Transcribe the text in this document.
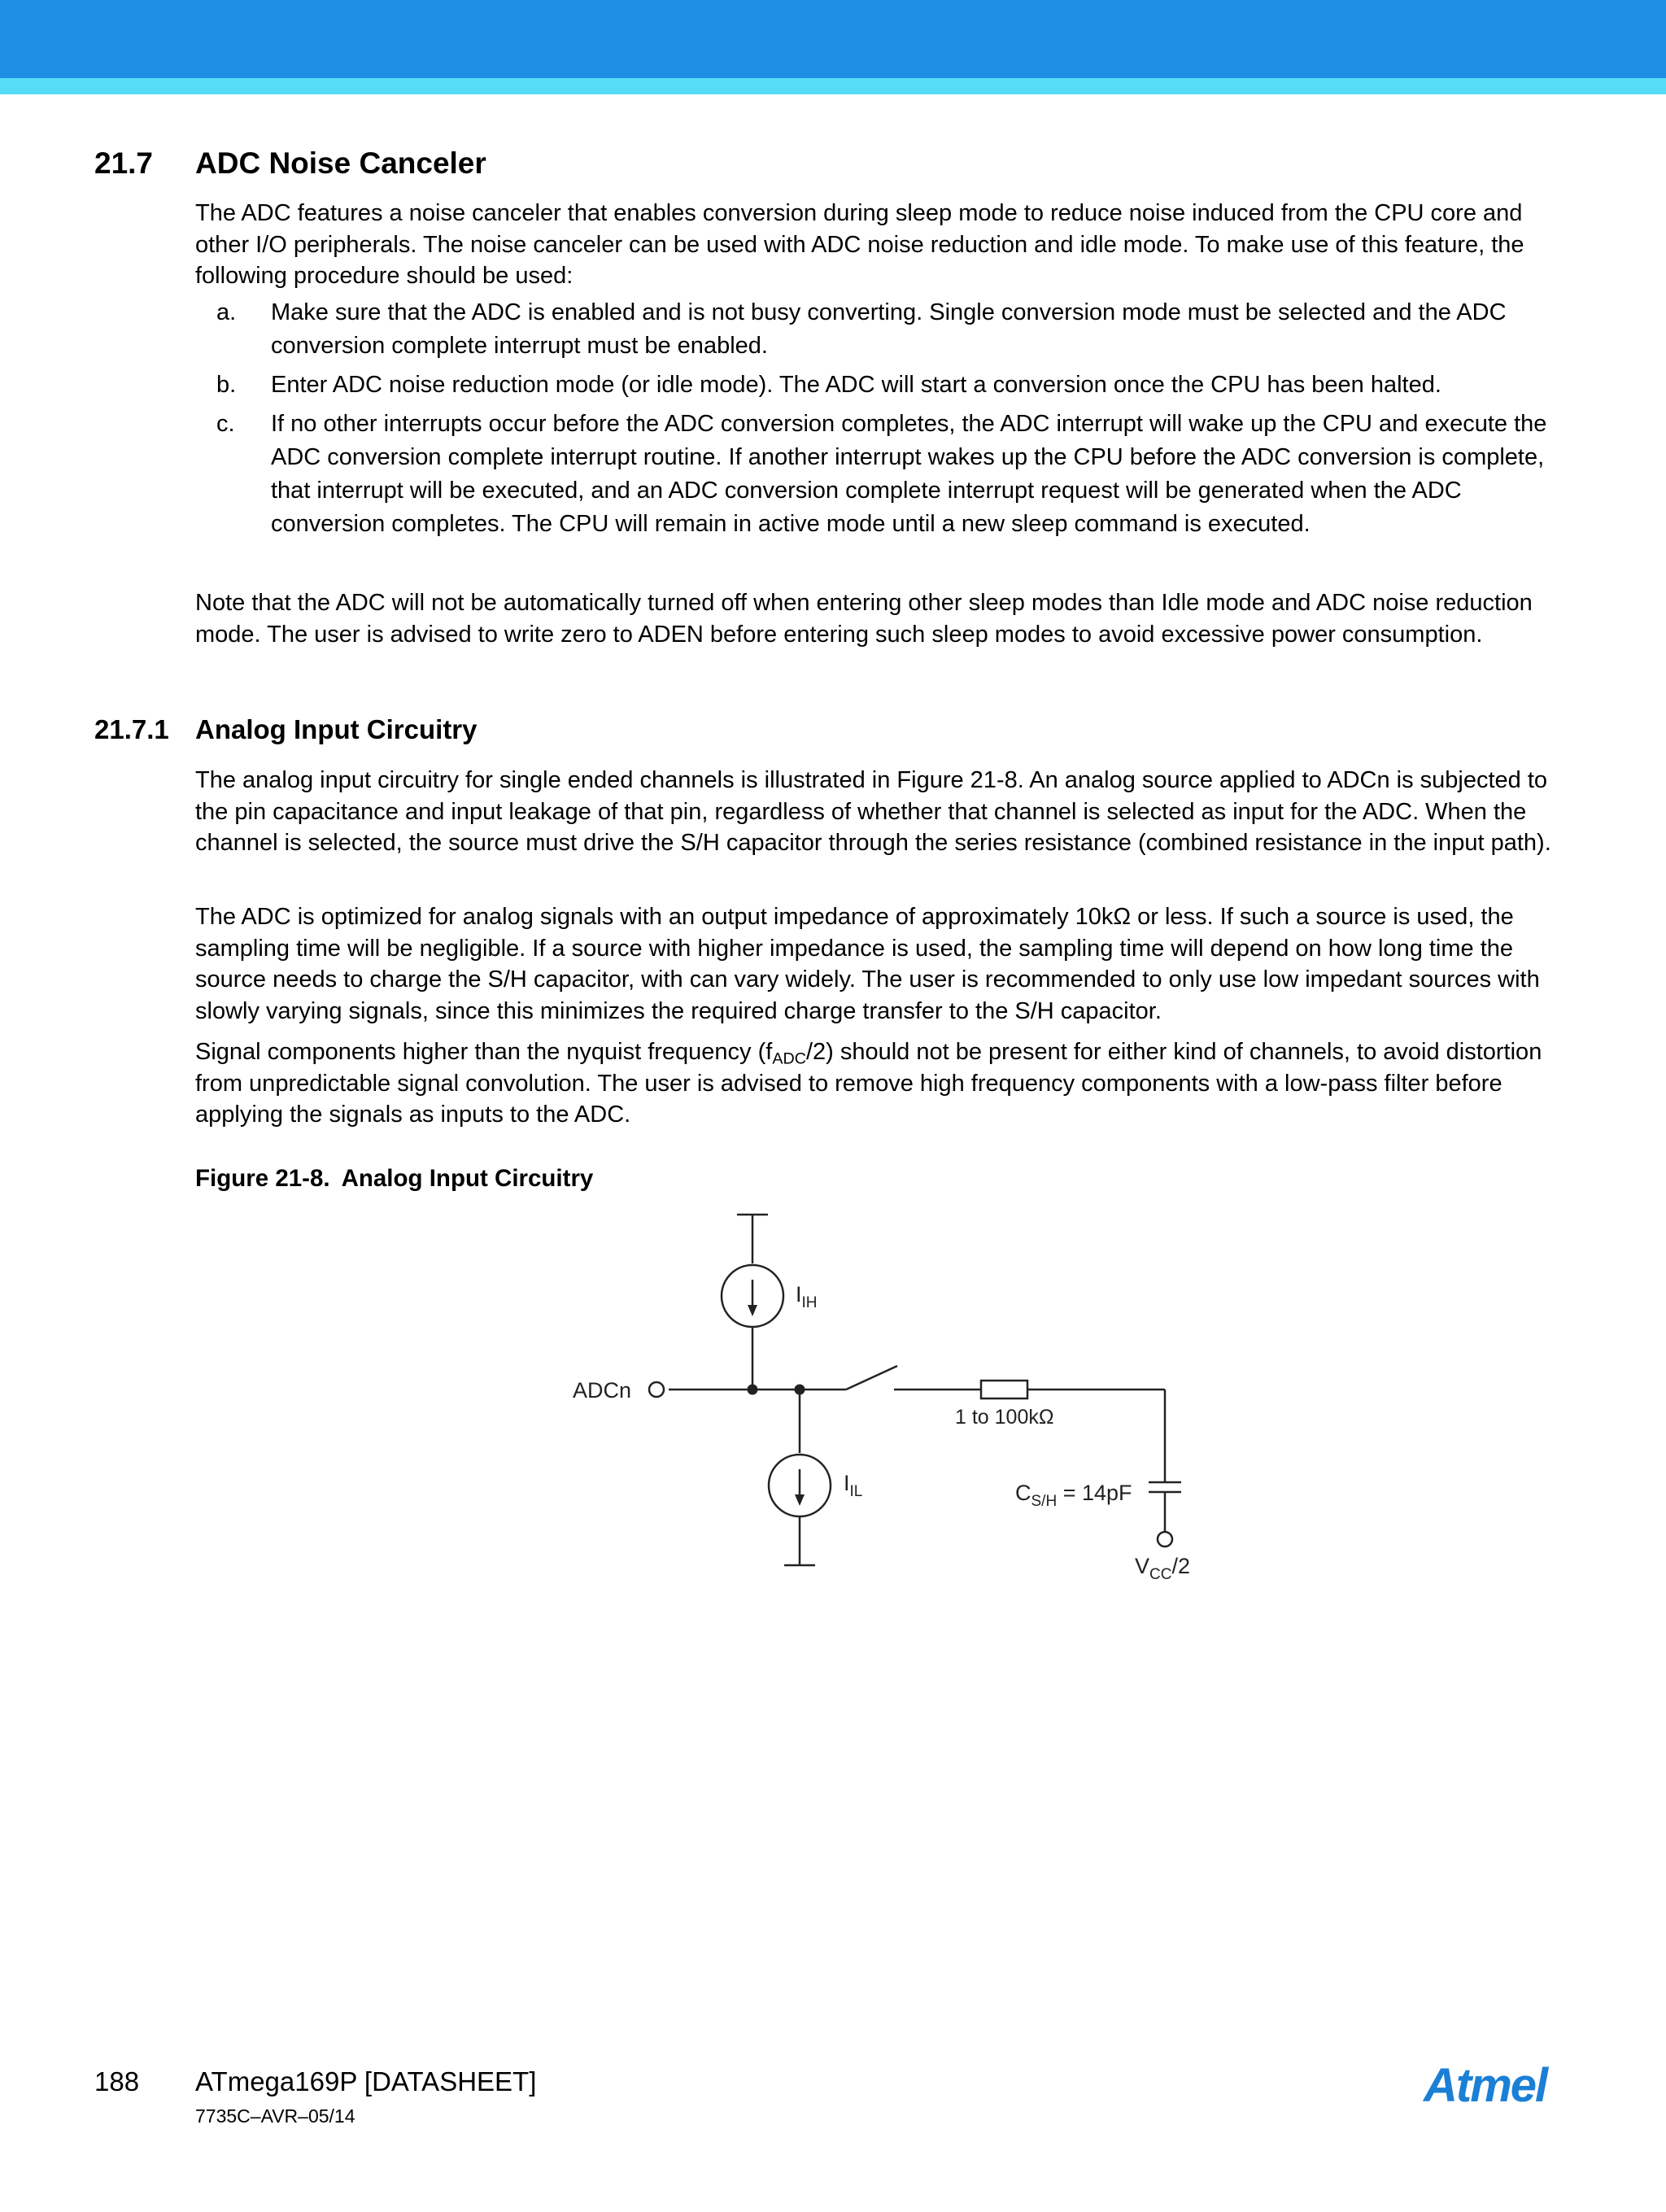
21.7 ADC Noise Canceler

The ADC features a noise canceler that enables conversion during sleep mode to reduce noise induced from the CPU core and other I/O peripherals. The noise canceler can be used with ADC noise reduction and idle mode. To make use of this feature, the following procedure should be used:

a. Make sure that the ADC is enabled and is not busy converting. Single conversion mode must be selected and the ADC conversion complete interrupt must be enabled.

b. Enter ADC noise reduction mode (or idle mode). The ADC will start a conversion once the CPU has been halted.

c. If no other interrupts occur before the ADC conversion completes, the ADC interrupt will wake up the CPU and execute the ADC conversion complete interrupt routine. If another interrupt wakes up the CPU before the ADC conversion is complete, that interrupt will be executed, and an ADC conversion complete interrupt request will be generated when the ADC conversion completes. The CPU will remain in active mode until a new sleep command is executed.

Note that the ADC will not be automatically turned off when entering other sleep modes than Idle mode and ADC noise reduction mode. The user is advised to write zero to ADEN before entering such sleep modes to avoid excessive power consumption.

21.7.1 Analog Input Circuitry

The analog input circuitry for single ended channels is illustrated in Figure 21-8. An analog source applied to ADCn is subjected to the pin capacitance and input leakage of that pin, regardless of whether that channel is selected as input for the ADC. When the channel is selected, the source must drive the S/H capacitor through the series resistance (combined resistance in the input path).

The ADC is optimized for analog signals with an output impedance of approximately 10kΩ or less. If such a source is used, the sampling time will be negligible. If a source with higher impedance is used, the sampling time will depend on how long time the source needs to charge the S/H capacitor, with can vary widely. The user is recommended to only use low impedant sources with slowly varying signals, since this minimizes the required charge transfer to the S/H capacitor.

Signal components higher than the nyquist frequency $(f_{ADC}/2)$ should not be present for either kind of channels, to avoid distortion from unpredictable signal convolution. The user is advised to remove high frequency components with a low-pass filter before applying the signals as inputs to the ADC.

Figure 21-8. Analog Input Circuitry
ADCn
$I_{IH}$
$I_{IL}$
1 to 100kΩ
$C_{S/H} = 14pF$
$V_{CC}/2$
188 ATmega169P [DATASHEET]
7735C–AVR–05/14
Atmel
